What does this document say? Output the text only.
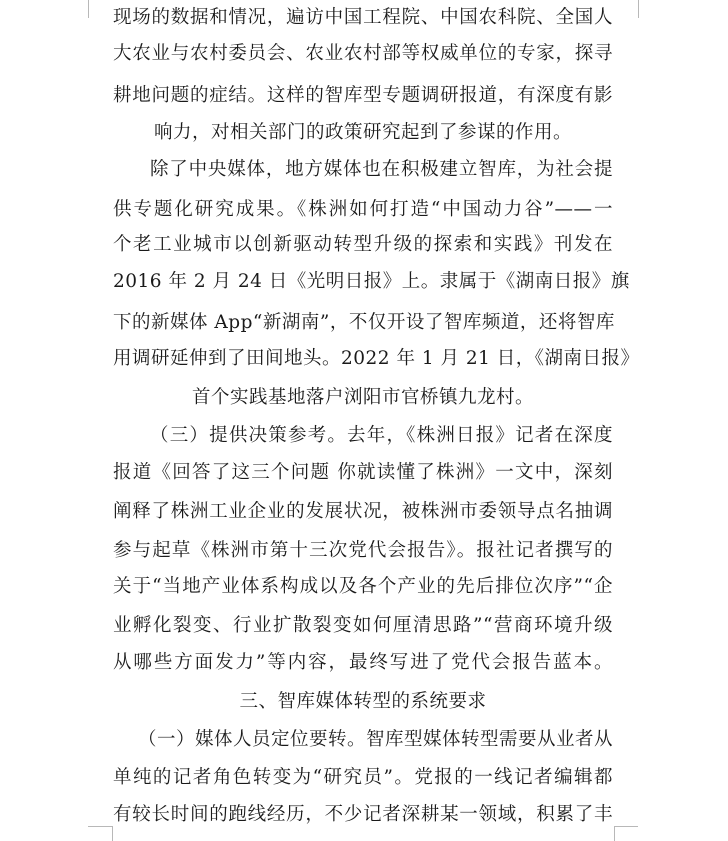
现场的数据和情况，遍访中国工程院、中国农科院、全国人
大农业与农村委员会、农业农村部等权威单位的专家，探寻
耕地问题的症结。这样的智库型专题调研报道，有深度有影
响力，对相关部门的政策研究起到了参谋的作用。
除了中央媒体，地方媒体也在积极建立智库，为社会提
供专题化研究成果。《株洲如何打造“中国动力谷”——一
个老工业城市以创新驱动转型升级的探索和实践》刊发在
2016 年 2 月 24 日《光明日报》上。隶属于《湖南日报》旗
下的新媒体 App“新湖南”，不仅开设了智库频道，还将智库
用调研延伸到了田间地头。2022 年 1 月 21 日，《湖南日报》
首个实践基地落户浏阳市官桥镇九龙村。
（三）提供决策参考。去年，《株洲日报》记者在深度
报道《回答了这三个问题 你就读懂了株洲》一文中，深刻
阐释了株洲工业企业的发展状况，被株洲市委领导点名抽调
参与起草《株洲市第十三次党代会报告》。报社记者撰写的
关于“当地产业体系构成以及各个产业的先后排位次序”“企
业孵化裂变、行业扩散裂变如何厘清思路”“营商环境升级
从哪些方面发力”等内容，最终写进了党代会报告蓝本。
三、智库媒体转型的系统要求
（一）媒体人员定位要转。智库型媒体转型需要从业者从
单纯的记者角色转变为“研究员”。党报的一线记者编辑都
有较长时间的跑线经历，不少记者深耕某一领域，积累了丰
